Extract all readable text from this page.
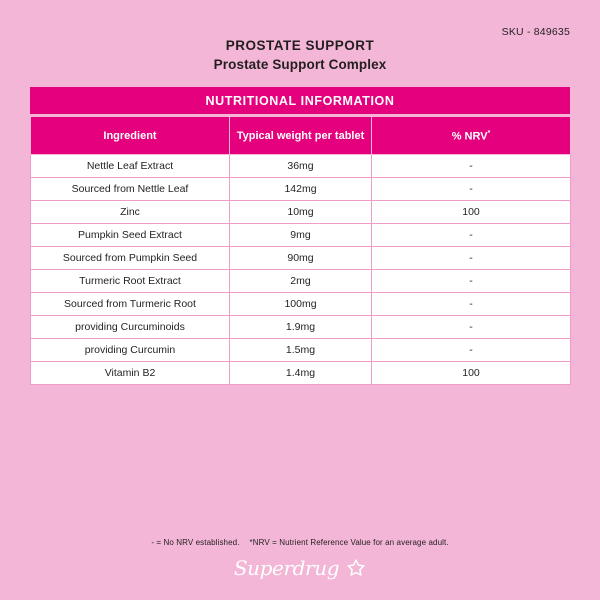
SKU - 849635
PROSTATE SUPPORT
Prostate Support Complex
NUTRITIONAL INFORMATION
Ingredient	Typical weight per tablet	% NRV*
Nettle Leaf Extract	36mg	-
Sourced from Nettle Leaf	142mg	-
Zinc	10mg	100
Pumpkin Seed Extract	9mg	-
Sourced from Pumpkin Seed	90mg	-
Turmeric Root Extract	2mg	-
Sourced from Turmeric Root	100mg	-
providing Curcuminoids	1.9mg	-
providing Curcumin	1.5mg	-
Vitamin B2	1.4mg	100
- = No NRV established. *NRV = Nutrient Reference Value for an average adult.
Superdrug
